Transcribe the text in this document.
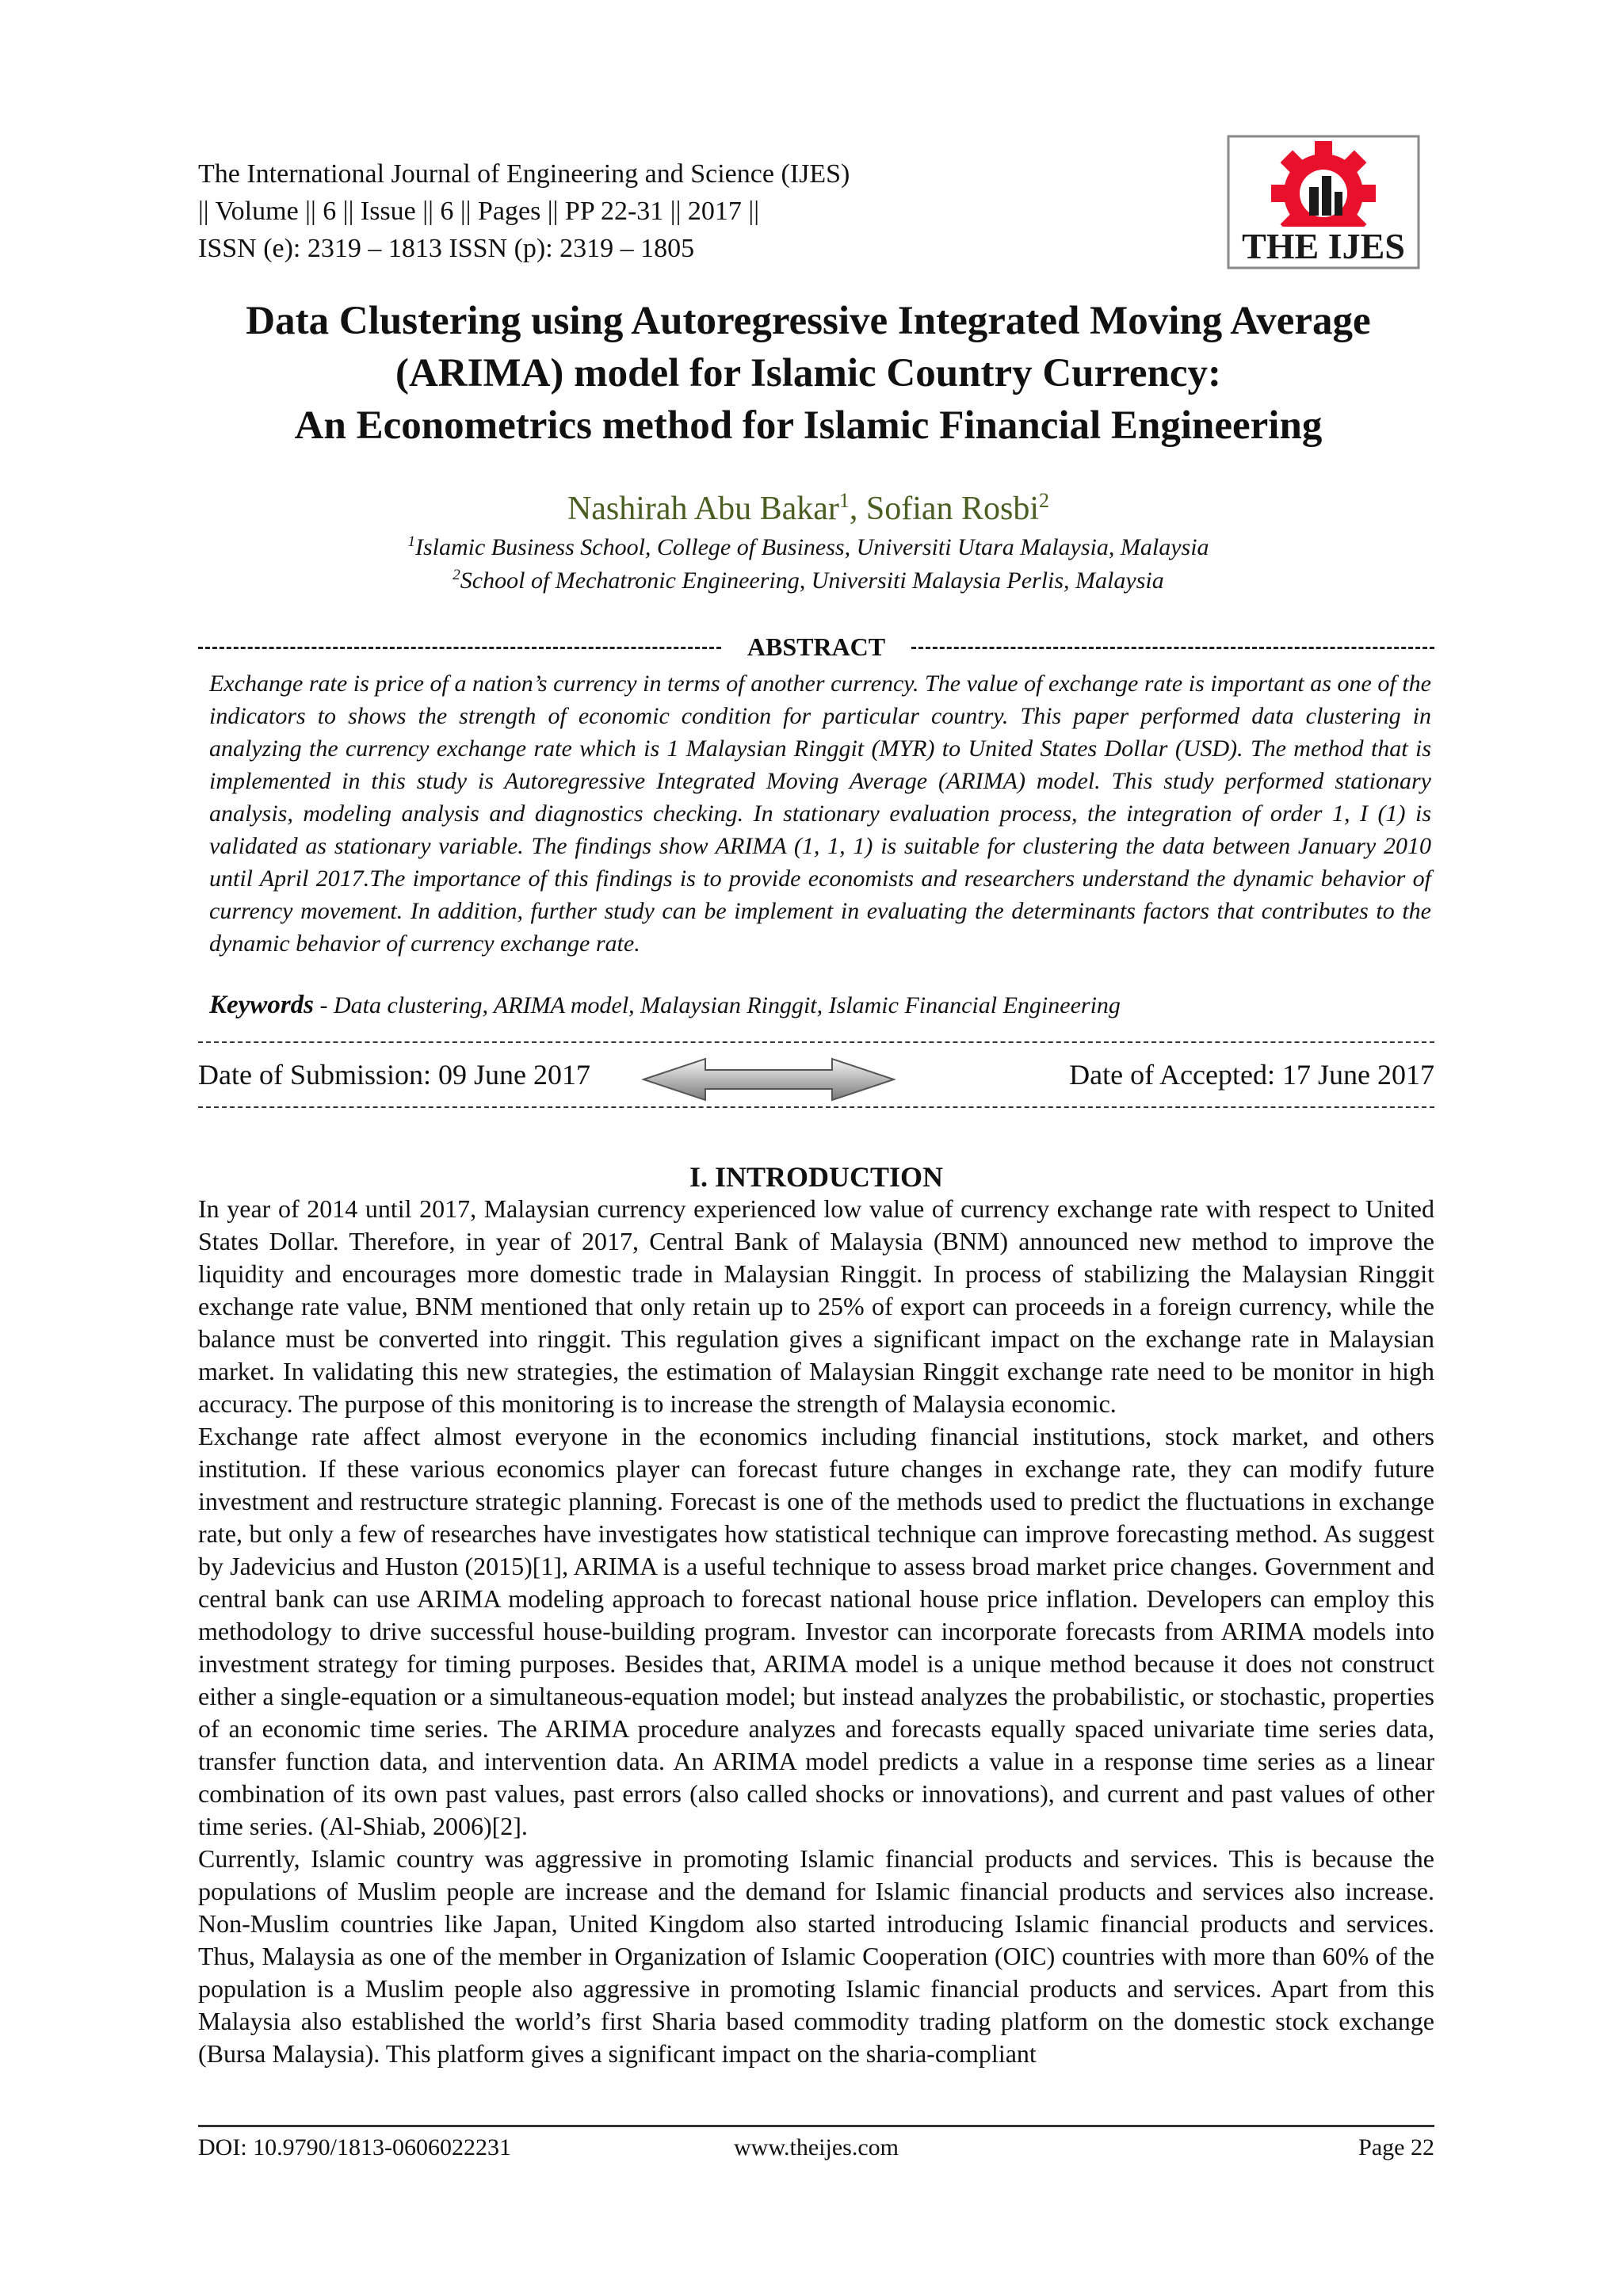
The International Journal of Engineering and Science (IJES)
|| Volume || 6 || Issue || 6 || Pages || PP 22-31 || 2017 ||
ISSN (e): 2319 – 1813 ISSN (p): 2319 – 1805	THE IJES
Data Clustering using Autoregressive Integrated Moving Average
(ARIMA) model for Islamic Country Currency:
An Econometrics method for Islamic Financial Engineering
Nashirah Abu Bakar$^1$, Sofian Rosbi$^2$
$^1$Islamic Business School, College of Business, Universiti Utara Malaysia, Malaysia
$^2$School of Mechatronic Engineering, Universiti Malaysia Perlis, Malaysia
ABSTRACT
Exchange rate is price of a nation’s currency in terms of another currency. The value of exchange rate is important as one of the indicators to shows the strength of economic condition for particular country. This paper performed data clustering in analyzing the currency exchange rate which is 1 Malaysian Ringgit (MYR) to United States Dollar (USD). The method that is implemented in this study is Autoregressive Integrated Moving Average (ARIMA) model. This study performed stationary analysis, modeling analysis and diagnostics checking. In stationary evaluation process, the integration of order 1, I (1) is validated as stationary variable. The findings show ARIMA (1, 1, 1) is suitable for clustering the data between January 2010 until April 2017.The importance of this findings is to provide economists and researchers understand the dynamic behavior of currency movement. In addition, further study can be implement in evaluating the determinants factors that contributes to the dynamic behavior of currency exchange rate.
Keywords - Data clustering, ARIMA model, Malaysian Ringgit, Islamic Financial Engineering
Date of Submission: 09 June 2017	Date of Accepted: 17 June 2017
I. INTRODUCTION

In year of 2014 until 2017, Malaysian currency experienced low value of currency exchange rate with respect to United States Dollar. Therefore, in year of 2017, Central Bank of Malaysia (BNM) announced new method to improve the liquidity and encourages more domestic trade in Malaysian Ringgit. In process of stabilizing the Malaysian Ringgit exchange rate value, BNM mentioned that only retain up to 25% of export can proceeds in a foreign currency, while the balance must be converted into ringgit. This regulation gives a significant impact on the exchange rate in Malaysian market. In validating this new strategies, the estimation of Malaysian Ringgit exchange rate need to be monitor in high accuracy. The purpose of this monitoring is to increase the strength of Malaysia economic.

Exchange rate affect almost everyone in the economics including financial institutions, stock market, and others institution. If these various economics player can forecast future changes in exchange rate, they can modify future investment and restructure strategic planning. Forecast is one of the methods used to predict the fluctuations in exchange rate, but only a few of researches have investigates how statistical technique can improve forecasting method. As suggest by Jadevicius and Huston (2015)[1], ARIMA is a useful technique to assess broad market price changes. Government and central bank can use ARIMA modeling approach to forecast national house price inflation. Developers can employ this methodology to drive successful house-building program. Investor can incorporate forecasts from ARIMA models into investment strategy for timing purposes. Besides that, ARIMA model is a unique method because it does not construct either a single-equation or a simultaneous-equation model; but instead analyzes the probabilistic, or stochastic, properties of an economic time series. The ARIMA procedure analyzes and forecasts equally spaced univariate time series data, transfer function data, and intervention data. An ARIMA model predicts a value in a response time series as a linear combination of its own past values, past errors (also called shocks or innovations), and current and past values of other time series. (Al-Shiab, 2006)[2].

Currently, Islamic country was aggressive in promoting Islamic financial products and services. This is because the populations of Muslim people are increase and the demand for Islamic financial products and services also increase. Non-Muslim countries like Japan, United Kingdom also started introducing Islamic financial products and services. Thus, Malaysia as one of the member in Organization of Islamic Cooperation (OIC) countries with more than 60% of the population is a Muslim people also aggressive in promoting Islamic financial products and services. Apart from this Malaysia also established the world’s first Sharia based commodity trading platform on the domestic stock exchange (Bursa Malaysia). This platform gives a significant impact on the sharia-compliant

DOI: 10.9790/1813-0606022231	www.theijes.com	Page 22
